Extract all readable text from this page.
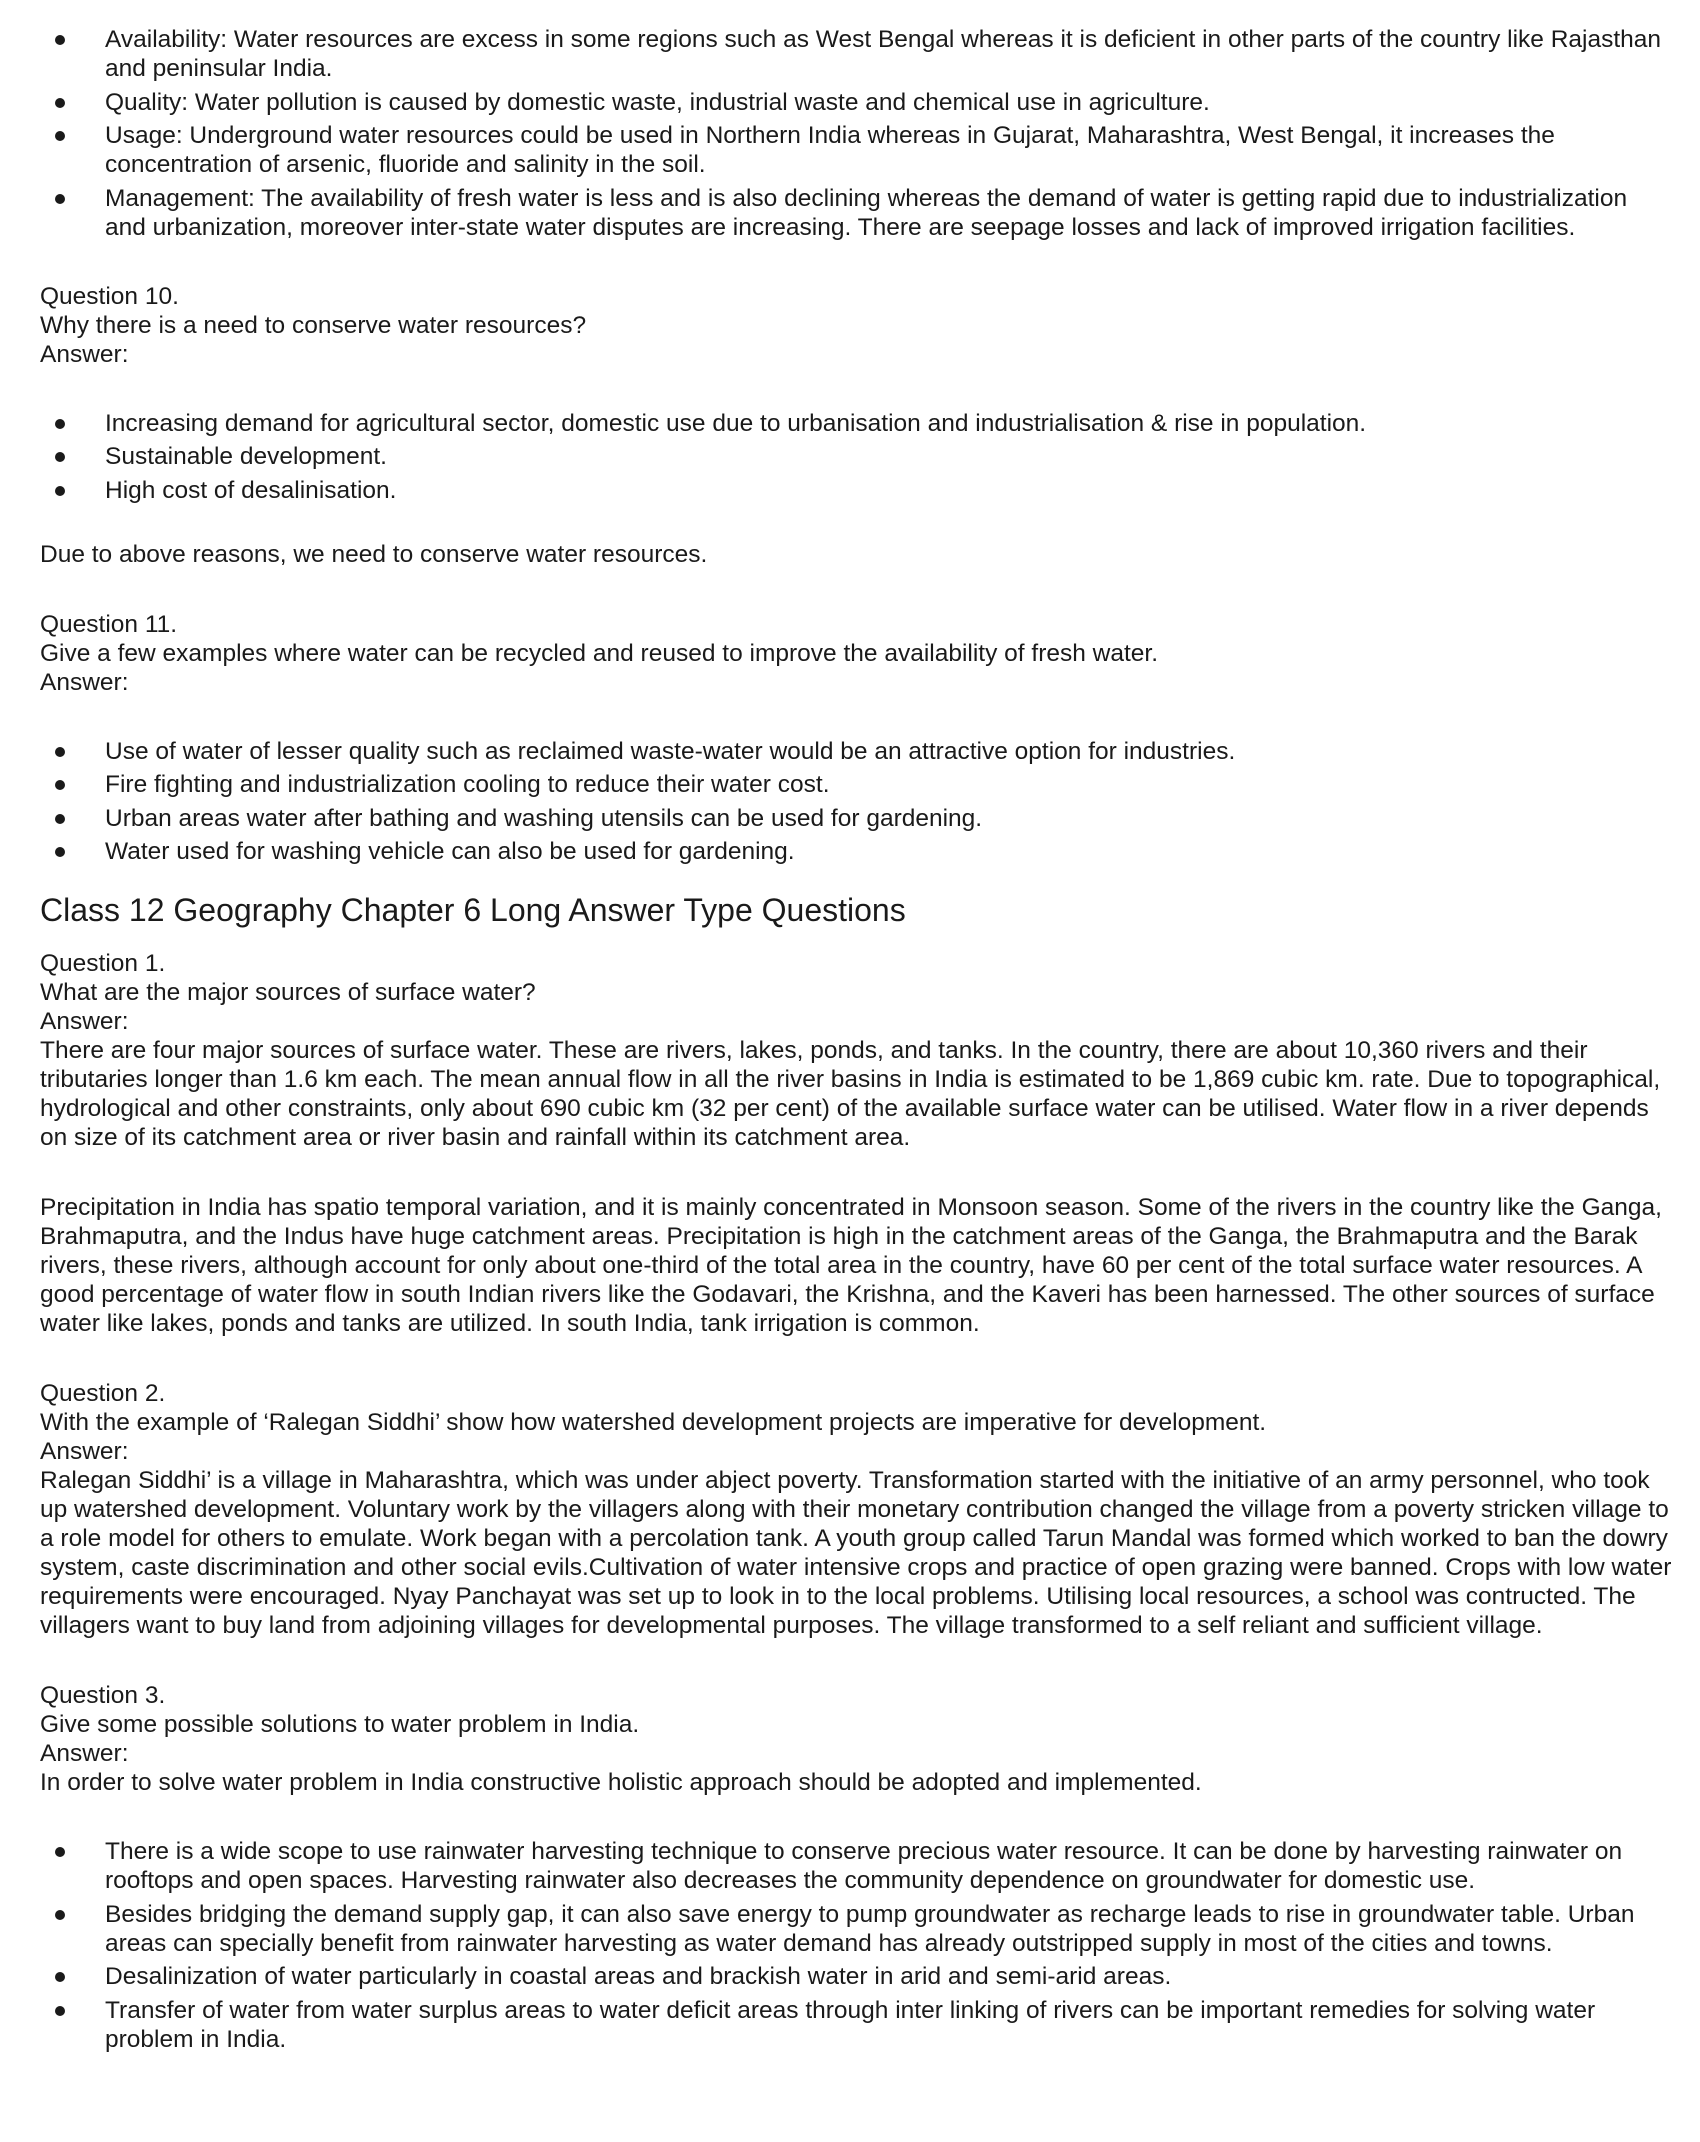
Availability: Water resources are excess in some regions such as West Bengal whereas it is deficient in other parts of the country like Rajasthan and peninsular India.
Quality: Water pollution is caused by domestic waste, industrial waste and chemical use in agriculture.
Usage: Underground water resources could be used in Northern India whereas in Gujarat, Maharashtra, West Bengal, it increases the concentration of arsenic, fluoride and salinity in the soil.
Management: The availability of fresh water is less and is also declining whereas the demand of water is getting rapid due to industrialization and urbanization, moreover inter-state water disputes are increasing. There are seepage losses and lack of improved irrigation facilities.
Question 10.
Why there is a need to conserve water resources?
Answer:
Increasing demand for agricultural sector, domestic use due to urbanisation and industrialisation & rise in population.
Sustainable development.
High cost of desalinisation.
Due to above reasons, we need to conserve water resources.
Question 11.
Give a few examples where water can be recycled and reused to improve the availability of fresh water.
Answer:
Use of water of lesser quality such as reclaimed waste-water would be an attractive option for industries.
Fire fighting and industrialization cooling to reduce their water cost.
Urban areas water after bathing and washing utensils can be used for gardening.
Water used for washing vehicle can also be used for gardening.
Class 12 Geography Chapter 6 Long Answer Type Questions
Question 1.
What are the major sources of surface water?
Answer:
There are four major sources of surface water. These are rivers, lakes, ponds, and tanks. In the country, there are about 10,360 rivers and their tributaries longer than 1.6 km each. The mean annual flow in all the river basins in India is estimated to be 1,869 cubic km. rate. Due to topographical, hydrological and other constraints, only about 690 cubic km (32 per cent) of the available surface water can be utilised. Water flow in a river depends on size of its catchment area or river basin and rainfall within its catchment area.
Precipitation in India has spatio temporal variation, and it is mainly concentrated in Monsoon season. Some of the rivers in the country like the Ganga, Brahmaputra, and the Indus have huge catchment areas. Precipitation is high in the catchment areas of the Ganga, the Brahmaputra and the Barak rivers, these rivers, although account for only about one-third of the total area in the country, have 60 per cent of the total surface water resources. A good percentage of water flow in south Indian rivers like the Godavari, the Krishna, and the Kaveri has been harnessed. The other sources of surface water like lakes, ponds and tanks are utilized. In south India, tank irrigation is common.
Question 2.
With the example of ‘Ralegan Siddhi’ show how watershed development projects are imperative for development.
Answer:
Ralegan Siddhi’ is a village in Maharashtra, which was under abject poverty. Transformation started with the initiative of an army personnel, who took up watershed development. Voluntary work by the villagers along with their monetary contribution changed the village from a poverty stricken village to a role model for others to emulate. Work began with a percolation tank. A youth group called Tarun Mandal was formed which worked to ban the dowry system, caste discrimination and other social evils.Cultivation of water intensive crops and practice of open grazing were banned. Crops with low water requirements were encouraged. Nyay Panchayat was set up to look in to the local problems. Utilising local resources, a school was contructed. The villagers want to buy land from adjoining villages for developmental purposes. The village transformed to a self reliant and sufficient village.
Question 3.
Give some possible solutions to water problem in India.
Answer:
In order to solve water problem in India constructive holistic approach should be adopted and implemented.
There is a wide scope to use rainwater harvesting technique to conserve precious water resource. It can be done by harvesting rainwater on rooftops and open spaces. Harvesting rainwater also decreases the community dependence on groundwater for domestic use.
Besides bridging the demand supply gap, it can also save energy to pump groundwater as recharge leads to rise in groundwater table. Urban areas can specially benefit from rainwater harvesting as water demand has already outstripped supply in most of the cities and towns.
Desalinization of water particularly in coastal areas and brackish water in arid and semi-arid areas.
Transfer of water from water surplus areas to water deficit areas through inter linking of rivers can be important remedies for solving water problem in India.
